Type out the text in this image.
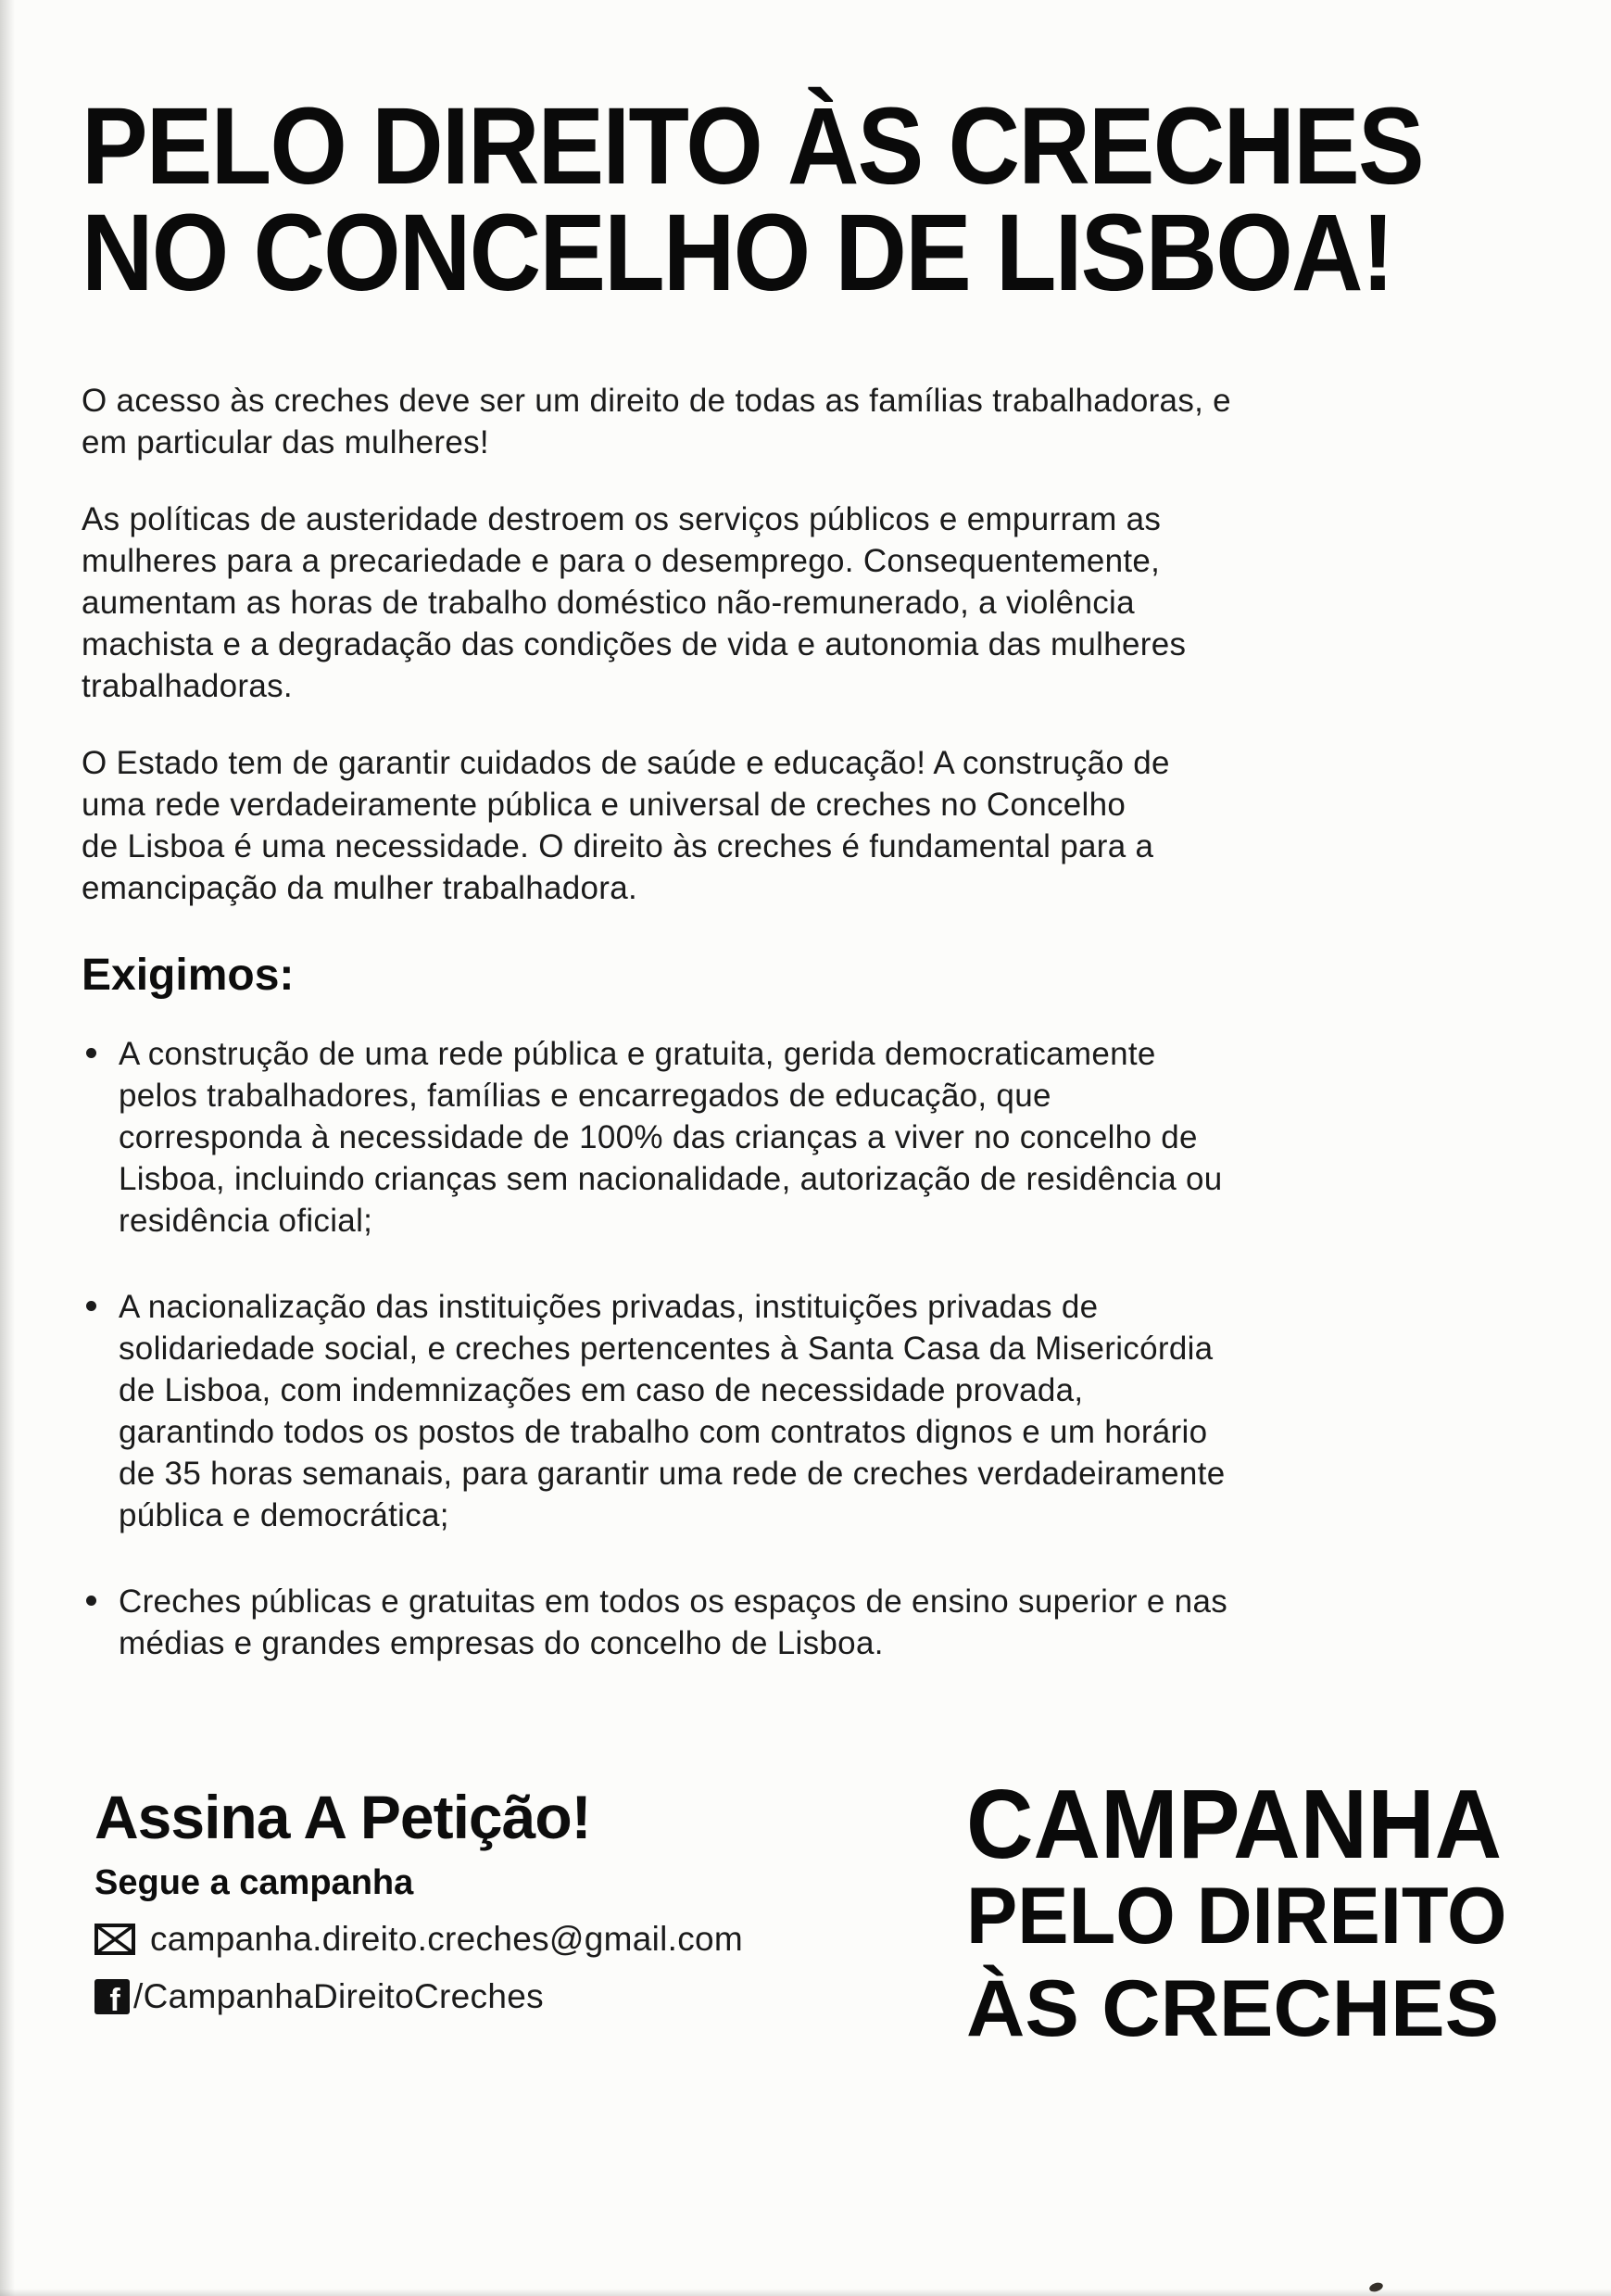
PELO DIREITO ÀS CRECHES
NO CONCELHO DE LISBOA!

O acesso às creches deve ser um direito de todas as famílias trabalhadoras, e
em particular das mulheres!

As políticas de austeridade destroem os serviços públicos e empurram as
mulheres para a precariedade e para o desemprego. Consequentemente,
aumentam as horas de trabalho doméstico não-remunerado, a violência
machista e a degradação das condições de vida e autonomia das mulheres
trabalhadoras.

O Estado tem de garantir cuidados de saúde e educação! A construção de
uma rede verdadeiramente pública e universal de creches no Concelho
de Lisboa é uma necessidade. O direito às creches é fundamental para a
emancipação da mulher trabalhadora.

Exigimos:
A construção de uma rede pública e gratuita, gerida democraticamente
pelos trabalhadores, famílias e encarregados de educação, que
corresponda à necessidade de 100% das crianças a viver no concelho de
Lisboa, incluindo crianças sem nacionalidade, autorização de residência ou
residência oficial;
A nacionalização das instituições privadas, instituições privadas de
solidariedade social, e creches pertencentes à Santa Casa da Misericórdia
de Lisboa, com indemnizações em caso de necessidade provada,
garantindo todos os postos de trabalho com contratos dignos e um horário
de 35 horas semanais, para garantir uma rede de creches verdadeiramente
pública e democrática;
Creches públicas e gratuitas em todos os espaços de ensino superior e nas
médias e grandes empresas do concelho de Lisboa.
Assina A Petição!
Segue a campanha
campanha.direito.creches@gmail.com
f /CampanhaDireitoCreches
CAMPANHA
PELO DIREITO
ÀS CRECHES
